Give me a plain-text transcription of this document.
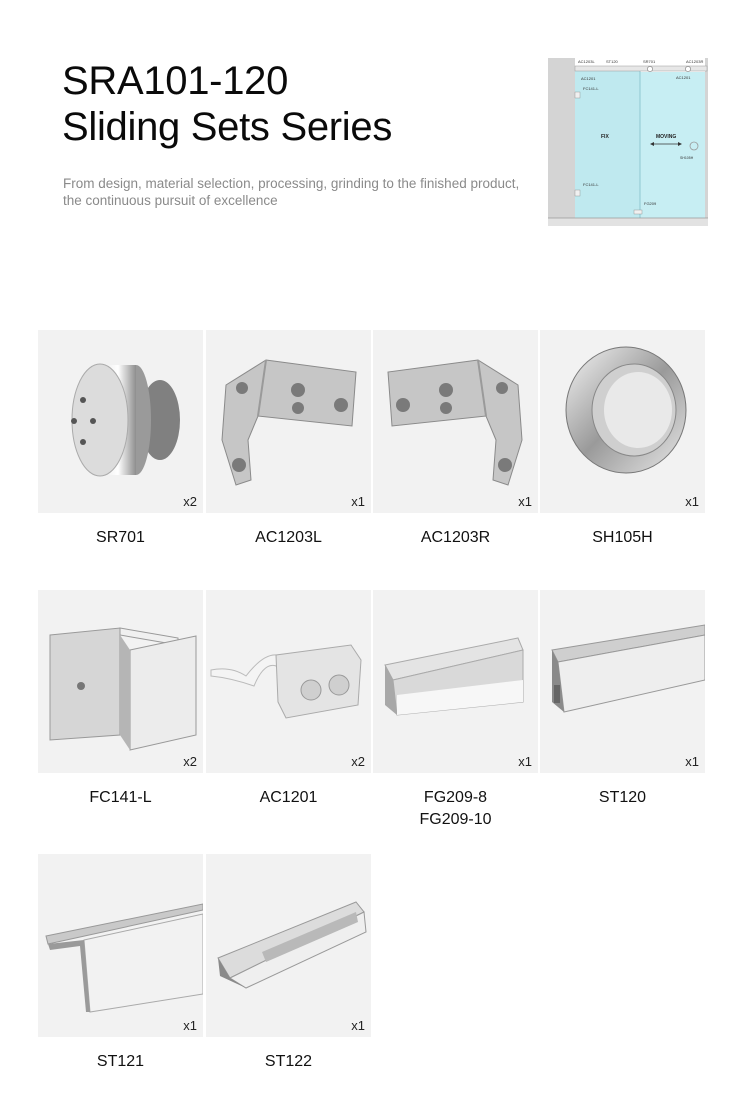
SRA101-120
Sliding Sets Series

From design, material selection, processing, grinding to the finished product,
the continuous pursuit of excellence

AC1203L	ST120	SR701	AC1203R
AC1201	AC1201
FC141-L
FC141-L
SH105H
FG209
FIX	MOVING
x2
SR701
x1
AC1203L
x1
AC1203R
x1
SH105H
x2
FC141-L
x2
AC1201
x1
FG209-8
FG209-10
x1
ST120
x1
ST121
x1
ST122
